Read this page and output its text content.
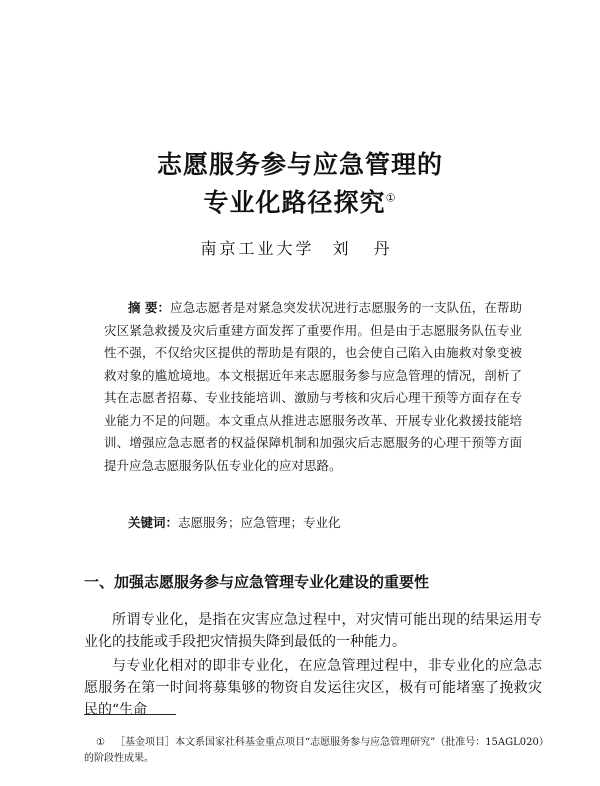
志愿服务参与应急管理的
专业化路径探究①
南京工业大学 刘 丹
摘 要：应急志愿者是对紧急突发状况进行志愿服务的一支队伍，在帮助灾区紧急救援及灾后重建方面发挥了重要作用。但是由于志愿服务队伍专业性不强，不仅给灾区提供的帮助是有限的，也会使自己陷入由施救对象变被救对象的尴尬境地。本文根据近年来志愿服务参与应急管理的情况，剖析了其在志愿者招募、专业技能培训、激励与考核和灾后心理干预等方面存在专业能力不足的问题。本文重点从推进志愿服务改革、开展专业化救援技能培训、增强应急志愿者的权益保障机制和加强灾后志愿服务的心理干预等方面提升应急志愿服务队伍专业化的应对思路。
关键词：志愿服务；应急管理；专业化
一、加强志愿服务参与应急管理专业化建设的重要性
所谓专业化，是指在灾害应急过程中，对灾情可能出现的结果运用专业化的技能或手段把灾情损失降到最低的一种能力。
与专业化相对的即非专业化，在应急管理过程中，非专业化的应急志愿服务在第一时间将募集够的物资自发运往灾区，极有可能堵塞了挽救灾民的“生命
① ［基金项目］本文系国家社科基金重点项目“志愿服务参与应急管理研究”（批准号：15AGL020）的阶段性成果。
